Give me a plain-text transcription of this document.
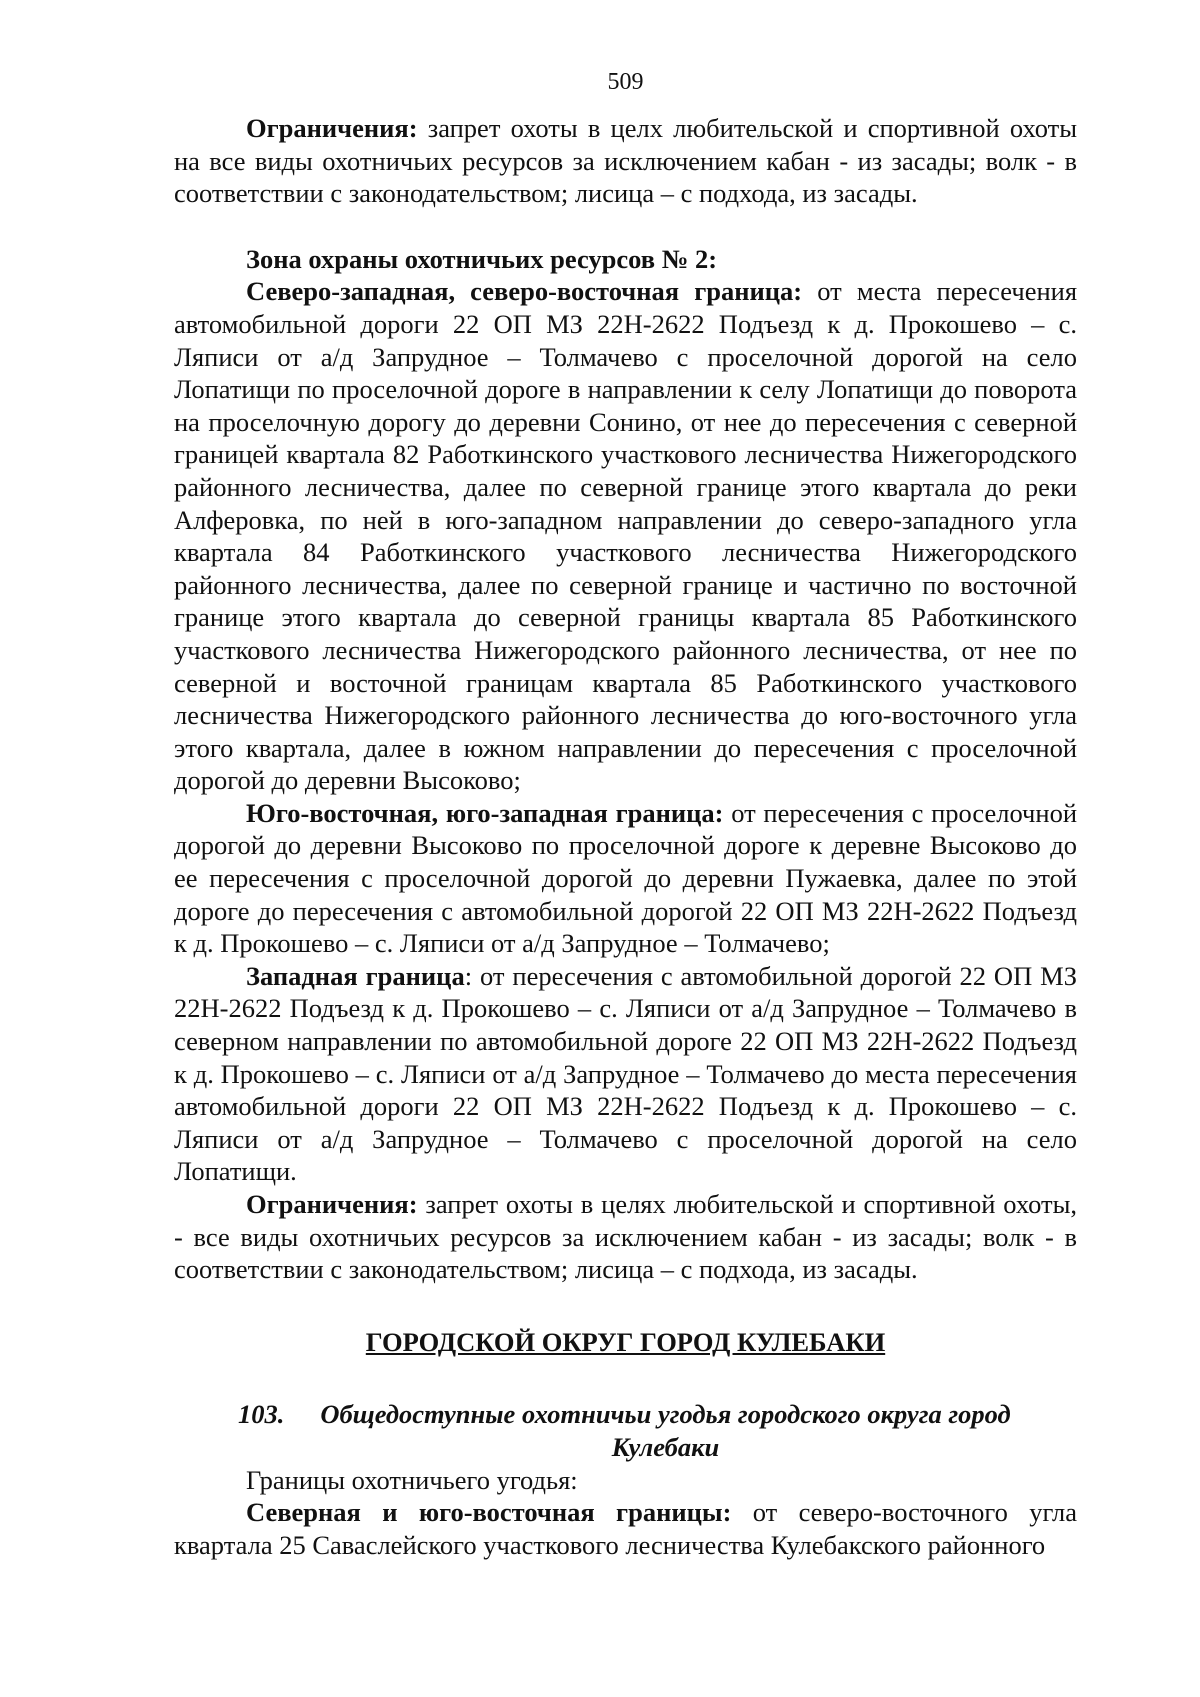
509

Ограничения: запрет охоты в целх любительской и спортивной охоты на все виды охотничьих ресурсов за исключением кабан - из засады; волк - в соответствии с законодательством; лисица – с подхода, из засады.

Зона охраны охотничьих ресурсов № 2:

Северо-западная, северо-восточная граница: от места пересечения автомобильной дороги 22 ОП МЗ 22Н-2622 Подъезд к д. Прокошево – с. Ляписи от а/д Запрудное – Толмачево с проселочной дорогой на село Лопатищи по проселочной дороге в направлении к селу Лопатищи до поворота на проселочную дорогу до деревни Сонино, от нее до пересечения с северной границей квартала 82 Работкинского участкового лесничества Нижегородского районного лесничества, далее по северной границе этого квартала до реки Алферовка, по ней в юго-западном направлении до северо-западного угла квартала 84 Работкинского участкового лесничества Нижегородского районного лесничества, далее по северной границе и частично по восточной границе этого квартала до северной границы квартала 85 Работкинского участкового лесничества Нижегородского районного лесничества, от нее по северной и восточной границам квартала 85 Работкинского участкового лесничества Нижегородского районного лесничества до юго-восточного угла этого квартала, далее в южном направлении до пересечения с проселочной дорогой до деревни Высоково;

Юго-восточная, юго-западная граница: от пересечения с проселочной дорогой до деревни Высоково по проселочной дороге к деревне Высоково до ее пересечения с проселочной дорогой до деревни Пужаевка, далее по этой дороге до пересечения с автомобильной дорогой 22 ОП МЗ 22Н-2622 Подъезд к д. Прокошево – с. Ляписи от а/д Запрудное – Толмачево;

Западная граница: от пересечения с автомобильной дорогой 22 ОП МЗ 22Н-2622 Подъезд к д. Прокошево – с. Ляписи от а/д Запрудное – Толмачево в северном направлении по автомобильной дороге 22 ОП МЗ 22Н-2622 Подъезд к д. Прокошево – с. Ляписи от а/д Запрудное – Толмачево до места пересечения автомобильной дороги 22 ОП МЗ 22Н-2622 Подъезд к д. Прокошево – с. Ляписи от а/д Запрудное – Толмачево с проселочной дорогой на село Лопатищи.

Ограничения: запрет охоты в целях любительской и спортивной охоты, - все виды охотничьих ресурсов за исключением кабан - из засады; волк - в соответствии с законодательством; лисица – с подхода, из засады.

ГОРОДСКОЙ ОКРУГ ГОРОД КУЛЕБАКИ
103. Общедоступные охотничьи угодья городского округа город Кулебаки

Границы охотничьего угодья:

Северная и юго-восточная границы: от северо-восточного угла квартала 25 Саваслейского участкового лесничества Кулебакского районного
